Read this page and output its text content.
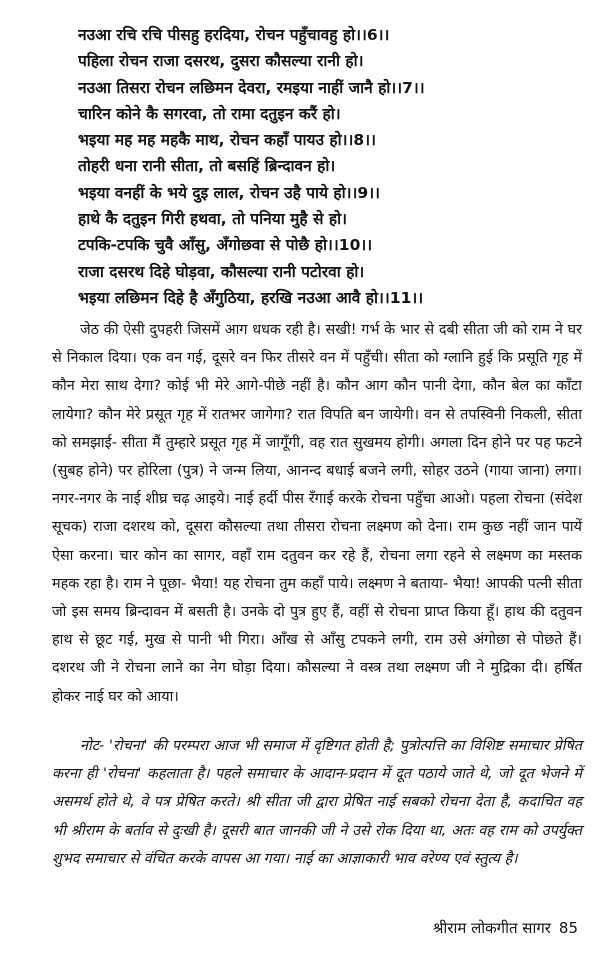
नउआ रचि रचि पीसहु हरदिया, रोचन पहुँचावहु हो।।6।।
पहिला रोचन राजा दसरथ, दुसरा कौसल्या रानी हो।
नउआ तिसरा रोचन लछिमन देवरा, रमइया नाहीं जानै हो।।7।।
चारिन कोने कै सगरवा, तो रामा दतुइन करैं हो।
भइया मह मह महकै माथ, रोचन कहाँ पायउ हो।।8।।
तोहरी धना रानी सीता, तो बसहिं ब्रिन्दावन हो।
भइया वनहीं के भये दुइ लाल, रोचन उहै पाये हो।।9।।
हाथे कै दतुइन गिरी हथवा, तो पनिया मुहै से हो।
टपकि-टपकि चुवै आँसु, अँगोछवा से पोछै हो।।10।।
राजा दसरथ दिहे घोड़वा, कौसल्या रानी पटोरवा हो।
भइया लछिमन दिहे है अँगुठिया, हरखि नउआ आवै हो।।11।।

जेठ की ऐसी दुपहरी जिसमें आग धधक रही है। सखी! गर्भ के भार से दबी सीता जी को राम ने घर से निकाल दिया। एक वन गई, दूसरे वन फिर तीसरे वन में पहुँची। सीता को ग्लानि हुई कि प्रसूति गृह में कौन मेरा साथ देगा? कोई भी मेरे आगे-पीछे नहीं है। कौन आग कौन पानी देगा, कौन बेल का काँटा लायेगा? कौन मेरे प्रसूत गृह में रातभर जागेगा? रात विपति बन जायेगी। वन से तपस्विनी निकली, सीता को समझाई- सीता मैं तुम्हारे प्रसूत गृह में जागूँगी, वह रात सुखमय होगी। अगला दिन होने पर पह फटने (सुबह होने) पर होरिला (पुत्र) ने जन्म लिया, आनन्द बधाई बजने लगी, सोहर उठने (गाया जाना) लगा। नगर-नगर के नाई शीघ्र चढ़ आइये। नाई हर्दी पीस रँगाई करके रोचना पहुँचा आओ। पहला रोचना (संदेश सूचक) राजा दशरथ को, दूसरा कौसल्या तथा तीसरा रोचना लक्ष्मण को देना। राम कुछ नहीं जान पायें ऐसा करना। चार कोन का सागर, वहाँ राम दतुवन कर रहे हैं, रोचना लगा रहने से लक्ष्मण का मस्तक महक रहा है। राम ने पूछा- भैया! यह रोचना तुम कहाँ पाये। लक्ष्मण ने बताया- भैया! आपकी पत्नी सीता जो इस समय ब्रिन्दावन में बसती है। उनके दो पुत्र हुए हैं, वहीं से रोचना प्राप्त किया हूँ। हाथ की दतुवन हाथ से छूट गई, मुख से पानी भी गिरा। आँख से आँसु टपकने लगी, राम उसे अंगोछा से पोछते हैं। दशरथ जी ने रोचना लाने का नेग घोड़ा दिया। कौसल्या ने वस्त्र तथा लक्ष्मण जी ने मुद्रिका दी। हर्षित होकर नाई घर को आया।

नोट- 'रोचना' की परम्परा आज भी समाज में दृष्टिगत होती है; पुत्रोत्पत्ति का विशिष्ट समाचार प्रेषित करना ही 'रोचना' कहलाता है। पहले समाचार के आदान-प्रदान में दूत पठाये जाते थे, जो दूत भेजने में असमर्थ होते थे, वे पत्र प्रेषित करते। श्री सीता जी द्वारा प्रेषित नाई सबको रोचना देता है, कदाचित वह भी श्रीराम के बर्ताव से दुःखी है। दूसरी बात जानकी जी ने उसे रोक दिया था, अतः वह राम को उपर्युक्त शुभद समाचार से वंचित करके वापस आ गया। नाई का आज्ञाकारी भाव वरेण्य एवं स्तुत्य है।

श्रीराम लोकगीत सागर 85
